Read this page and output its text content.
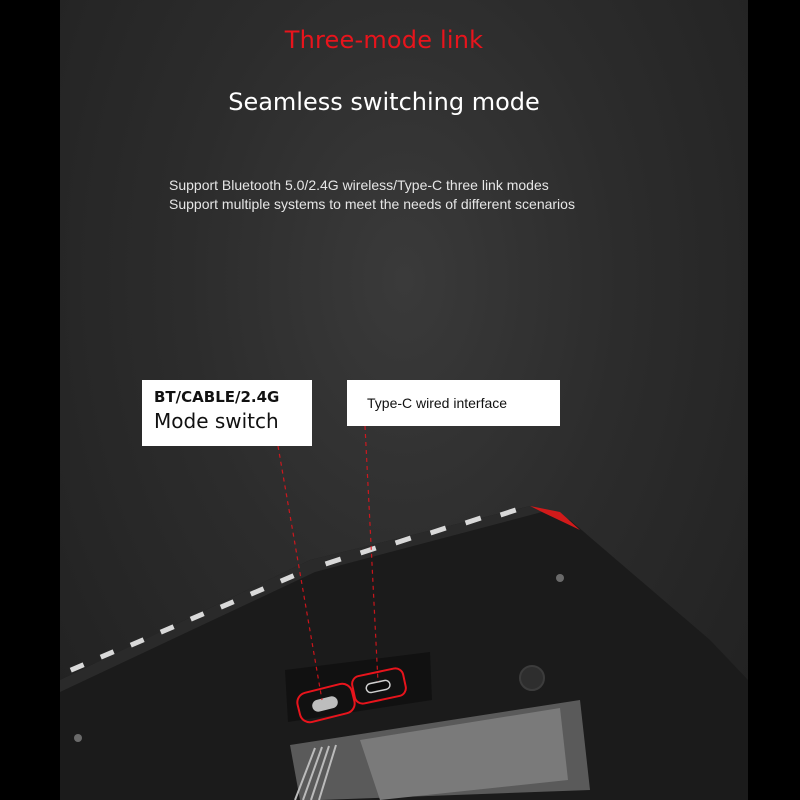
Three-mode link
Seamless switching mode
Support Bluetooth 5.0/2.4G wireless/Type-C three link modes
Support multiple systems to meet the needs of different scenarios
BT/CABLE/2.4G
Mode switch
Type-C wired interface
